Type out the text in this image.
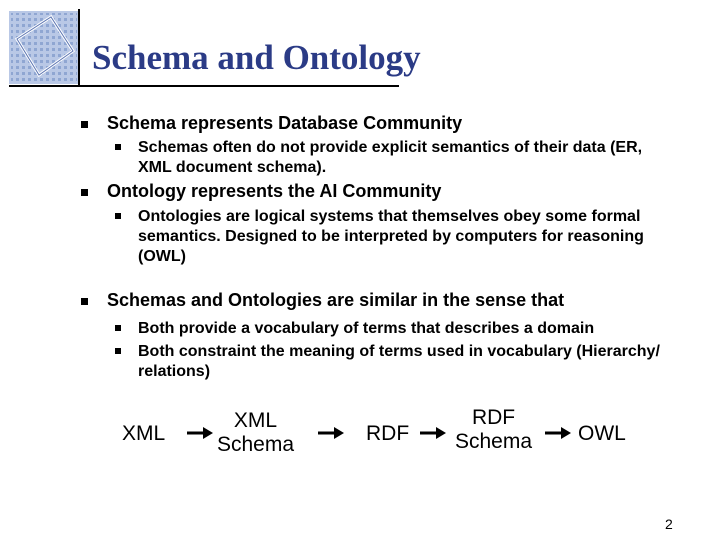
Schema and Ontology
Schema represents Database Community
Schemas often do not provide explicit semantics of their data (ER, XML document schema).
Ontology represents the AI Community
Ontologies are logical systems that themselves obey some formal semantics. Designed to be interpreted by computers for reasoning (OWL)
Schemas and Ontologies are similar in the sense that
Both provide a vocabulary of terms that describes a domain
Both constraint the meaning of terms used in vocabulary (Hierarchy/ relations)
XML
XML
Schema	RDF
RDF
Schema OWL
2
